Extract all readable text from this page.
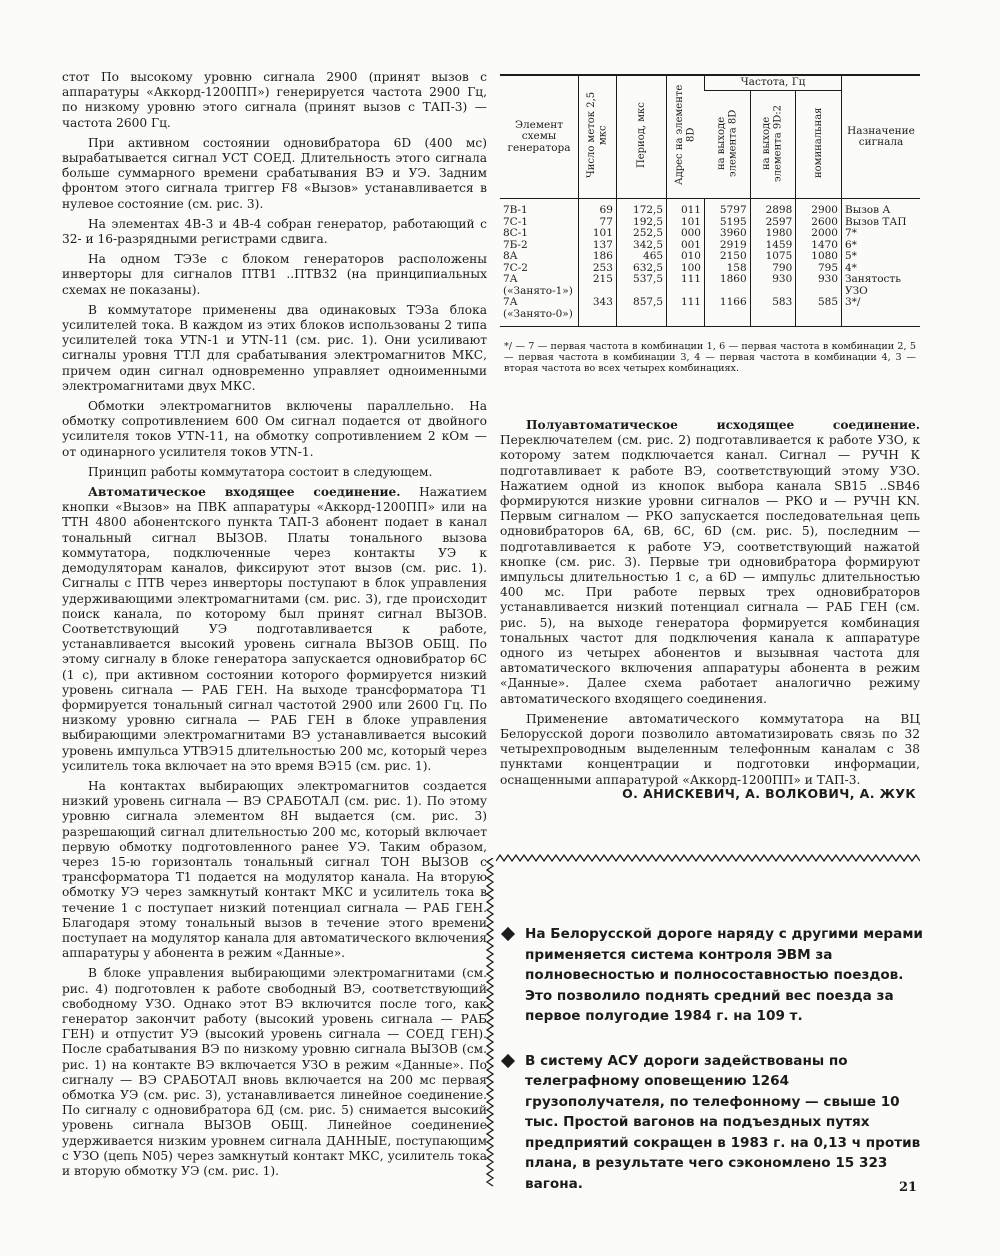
стот По высокому уровню сигнала 2900 (принят вызов с аппаратуры «Аккорд-1200ПП») генерируется частота 2900 Гц, по низкому уровню этого сигнала (принят вызов с ТАП-3) — частота 2600 Гц.

При активном состоянии одновибратора 6D (400 мс) вырабатывается сигнал УСТ СОЕД. Длительность этого сигнала больше суммарного времени срабатывания ВЭ и УЭ. Задним фронтом этого сигнала триггер F8 «Вызов» устанавливается в нулевое состояние (см. рис. 3).

На элементах 4B-3 и 4B-4 собран генератор, работающий с 32- и 16-разрядными регистрами сдвига.

На одном ТЭЗе с блоком генераторов расположены инверторы для сигналов ПТВ1 ..ПТВ32 (на принципиальных схемах не показаны).

В коммутаторе применены два одинаковых ТЭЗа блока усилителей тока. В каждом из этих блоков использованы 2 типа усилителей тока УТN-1 и УТN-11 (см. рис. 1). Они усиливают сигналы уровня ТТЛ для срабатывания электромагнитов МКС, причем один сигнал одновременно управляет одноименными электромагнитами двух МКС.

Обмотки электромагнитов включены параллельно. На обмотку сопротивлением 600 Ом сигнал подается от двойного усилителя токов УТN-11, на обмотку сопротивлением 2 кОм — от одинарного усилителя токов УТN-1.

Принцип работы коммутатора состоит в следующем.

Автоматическое входящее соединение. Нажатием кнопки «Вызов» на ПВК аппаратуры «Аккорд-1200ПП» или на ТТН 4800 абонентского пункта ТАП-3 абонент подает в канал тональный сигнал ВЫЗОВ. Платы тонального вызова коммутатора, подключенные через контакты УЭ к демодуляторам каналов, фиксируют этот вызов (см. рис. 1). Сигналы с ПТВ через инверторы поступают в блок управления удерживающими электромагнитами (см. рис. 3), где происходит поиск канала, по которому был принят сигнал ВЫЗОВ. Соответствующий УЭ подготавливается к работе, устанавливается высокий уровень сигнала ВЫЗОВ ОБЩ. По этому сигналу в блоке генератора запускается одновибратор 6С (1 с), при активном состоянии которого формируется низкий уровень сигнала — РАБ ГЕН. На выходе трансформатора Т1 формируется тональный сигнал частотой 2900 или 2600 Гц. По низкому уровню сигнала — РАБ ГЕН в блоке управления выбирающими электромагнитами ВЭ устанавливается высокий уровень импульса УТВЭ15 длительностью 200 мс, который через усилитель тока включает на это время ВЭ15 (см. рис. 1).

На контактах выбирающих электромагнитов создается низкий уровень сигнала — ВЭ СРАБОТАЛ (см. рис. 1). По этому уровню сигнала элементом 8Н выдается (см. рис. 3) разрешающий сигнал длительностью 200 мс, который включает первую обмотку подготовленного ранее УЭ. Таким образом, через 15-ю горизонталь тональный сигнал ТОН ВЫЗОВ с трансформатора Т1 подается на модулятор канала. На вторую обмотку УЭ через замкнутый контакт МКС и усилитель тока в течение 1 с поступает низкий потенциал сигнала — РАБ ГЕН. Благодаря этому тональный вызов в течение этого времени поступает на модулятор канала для автоматического включения аппаратуры у абонента в режим «Данные».

В блоке управления выбирающими электромагнитами (см. рис. 4) подготовлен к работе свободный ВЭ, соответствующий свободному УЗО. Однако этот ВЭ включится после того, как генератор закончит работу (высокий уровень сигнала — РАБ ГЕН) и отпустит УЭ (высокий уровень сигнала — СОЕД ГЕН). После срабатывания ВЭ по низкому уровню сигнала ВЫЗОВ (см. рис. 1) на контакте ВЭ включается УЗО в режим «Данные». По сигналу — ВЭ СРАБОТАЛ вновь включается на 200 мс первая обмотка УЭ (см. рис. 3), устанавливается линейное соединение. По сигналу с одновибратора 6Д (см. рис. 5) снимается высокий уровень сигнала ВЫЗОВ ОБЩ. Линейное соединение удерживается низким уровнем сигнала ДАННЫЕ, поступающим с УЗО (цепь N05) через замкнутый контакт МКС, усилитель тока и вторую обмотку УЭ (см. рис. 1).

Элемент схемы генератора	Число меток 2,5 мкс	Период, мкс	Адрес на элементе 8D	Частота, Гц			Назначение сигнала
				на выходе элемента 8D	на выходе элемента 9D:2	номинальная	
7В-1	69	172,5	011	5797	2898	2900	Вызов А
7С-1	77	192,5	101	5195	2597	2600	Вызов ТАП
8С-1	101	252,5	000	3960	1980	2000	7*
7Б-2	137	342,5	001	2919	1459	1470	6*
8А	186	465	010	2150	1075	1080	5*
7С-2	253	632,5	100	158	790	795	4*
7А («Занято-1»)	215	537,5	111	1860	930	930	Занятость УЗО
7А («Занято-0»)	343	857,5	111	1166	583	585	3*/
*/ — 7 — первая частота в комбинации 1, 6 — первая частота в комбинации 2, 5 — первая частота в комбинации 3, 4 — первая частота в комбинации 4, 3 — вторая частота во всех четырех комбинациях.

Полуавтоматическое исходящее соединение. Переключателем (см. рис. 2) подготавливается к работе УЗО, к которому затем подключается канал. Сигнал — РУЧН К подготавливает к работе ВЭ, соответствующий этому УЗО. Нажатием одной из кнопок выбора канала SB15 ..SB46 формируются низкие уровни сигналов — РКО и — РУЧН KN. Первым сигналом — РКО запускается последовательная цепь одновибраторов 6А, 6В, 6С, 6D (см. рис. 5), последним — подготавливается к работе УЭ, соответствующий нажатой кнопке (см. рис. 3). Первые три одновибратора формируют импульсы длительностью 1 с, а 6D — импульс длительностью 400 мс. При работе первых трех одновибраторов устанавливается низкий потенциал сигнала — РАБ ГЕН (см. рис. 5), на выходе генератора формируется комбинация тональных частот для подключения канала к аппаратуре одного из четырех абонентов и вызывная частота для автоматического включения аппаратуры абонента в режим «Данные». Далее схема работает аналогично режиму автоматического входящего соединения.

Применение автоматического коммутатора на ВЦ Белорусской дороги позволило автоматизировать связь по 32 четырехпроводным выделенным телефонным каналам с 38 пунктами концентрации и подготовки информации, оснащенными аппаратурой «Аккорд-1200ПП» и ТАП-3.

О. АНИСКЕВИЧ, А. ВОЛКОВИЧ, А. ЖУК
На Белорусской дороге наряду с другими мерами применяется система контроля ЭВМ за полновесностью и полносоставностью поездов. Это позволило поднять средний вес поезда за первое полугодие 1984 г. на 109 т.
В систему АСУ дороги задействованы по телеграфному оповещению 1264 грузополучателя, по телефонному — свыше 10 тыс. Простой вагонов на подъездных путях предприятий сокращен в 1983 г. на 0,13 ч против плана, в результате чего сэкономлено 15 323 вагона.	21
